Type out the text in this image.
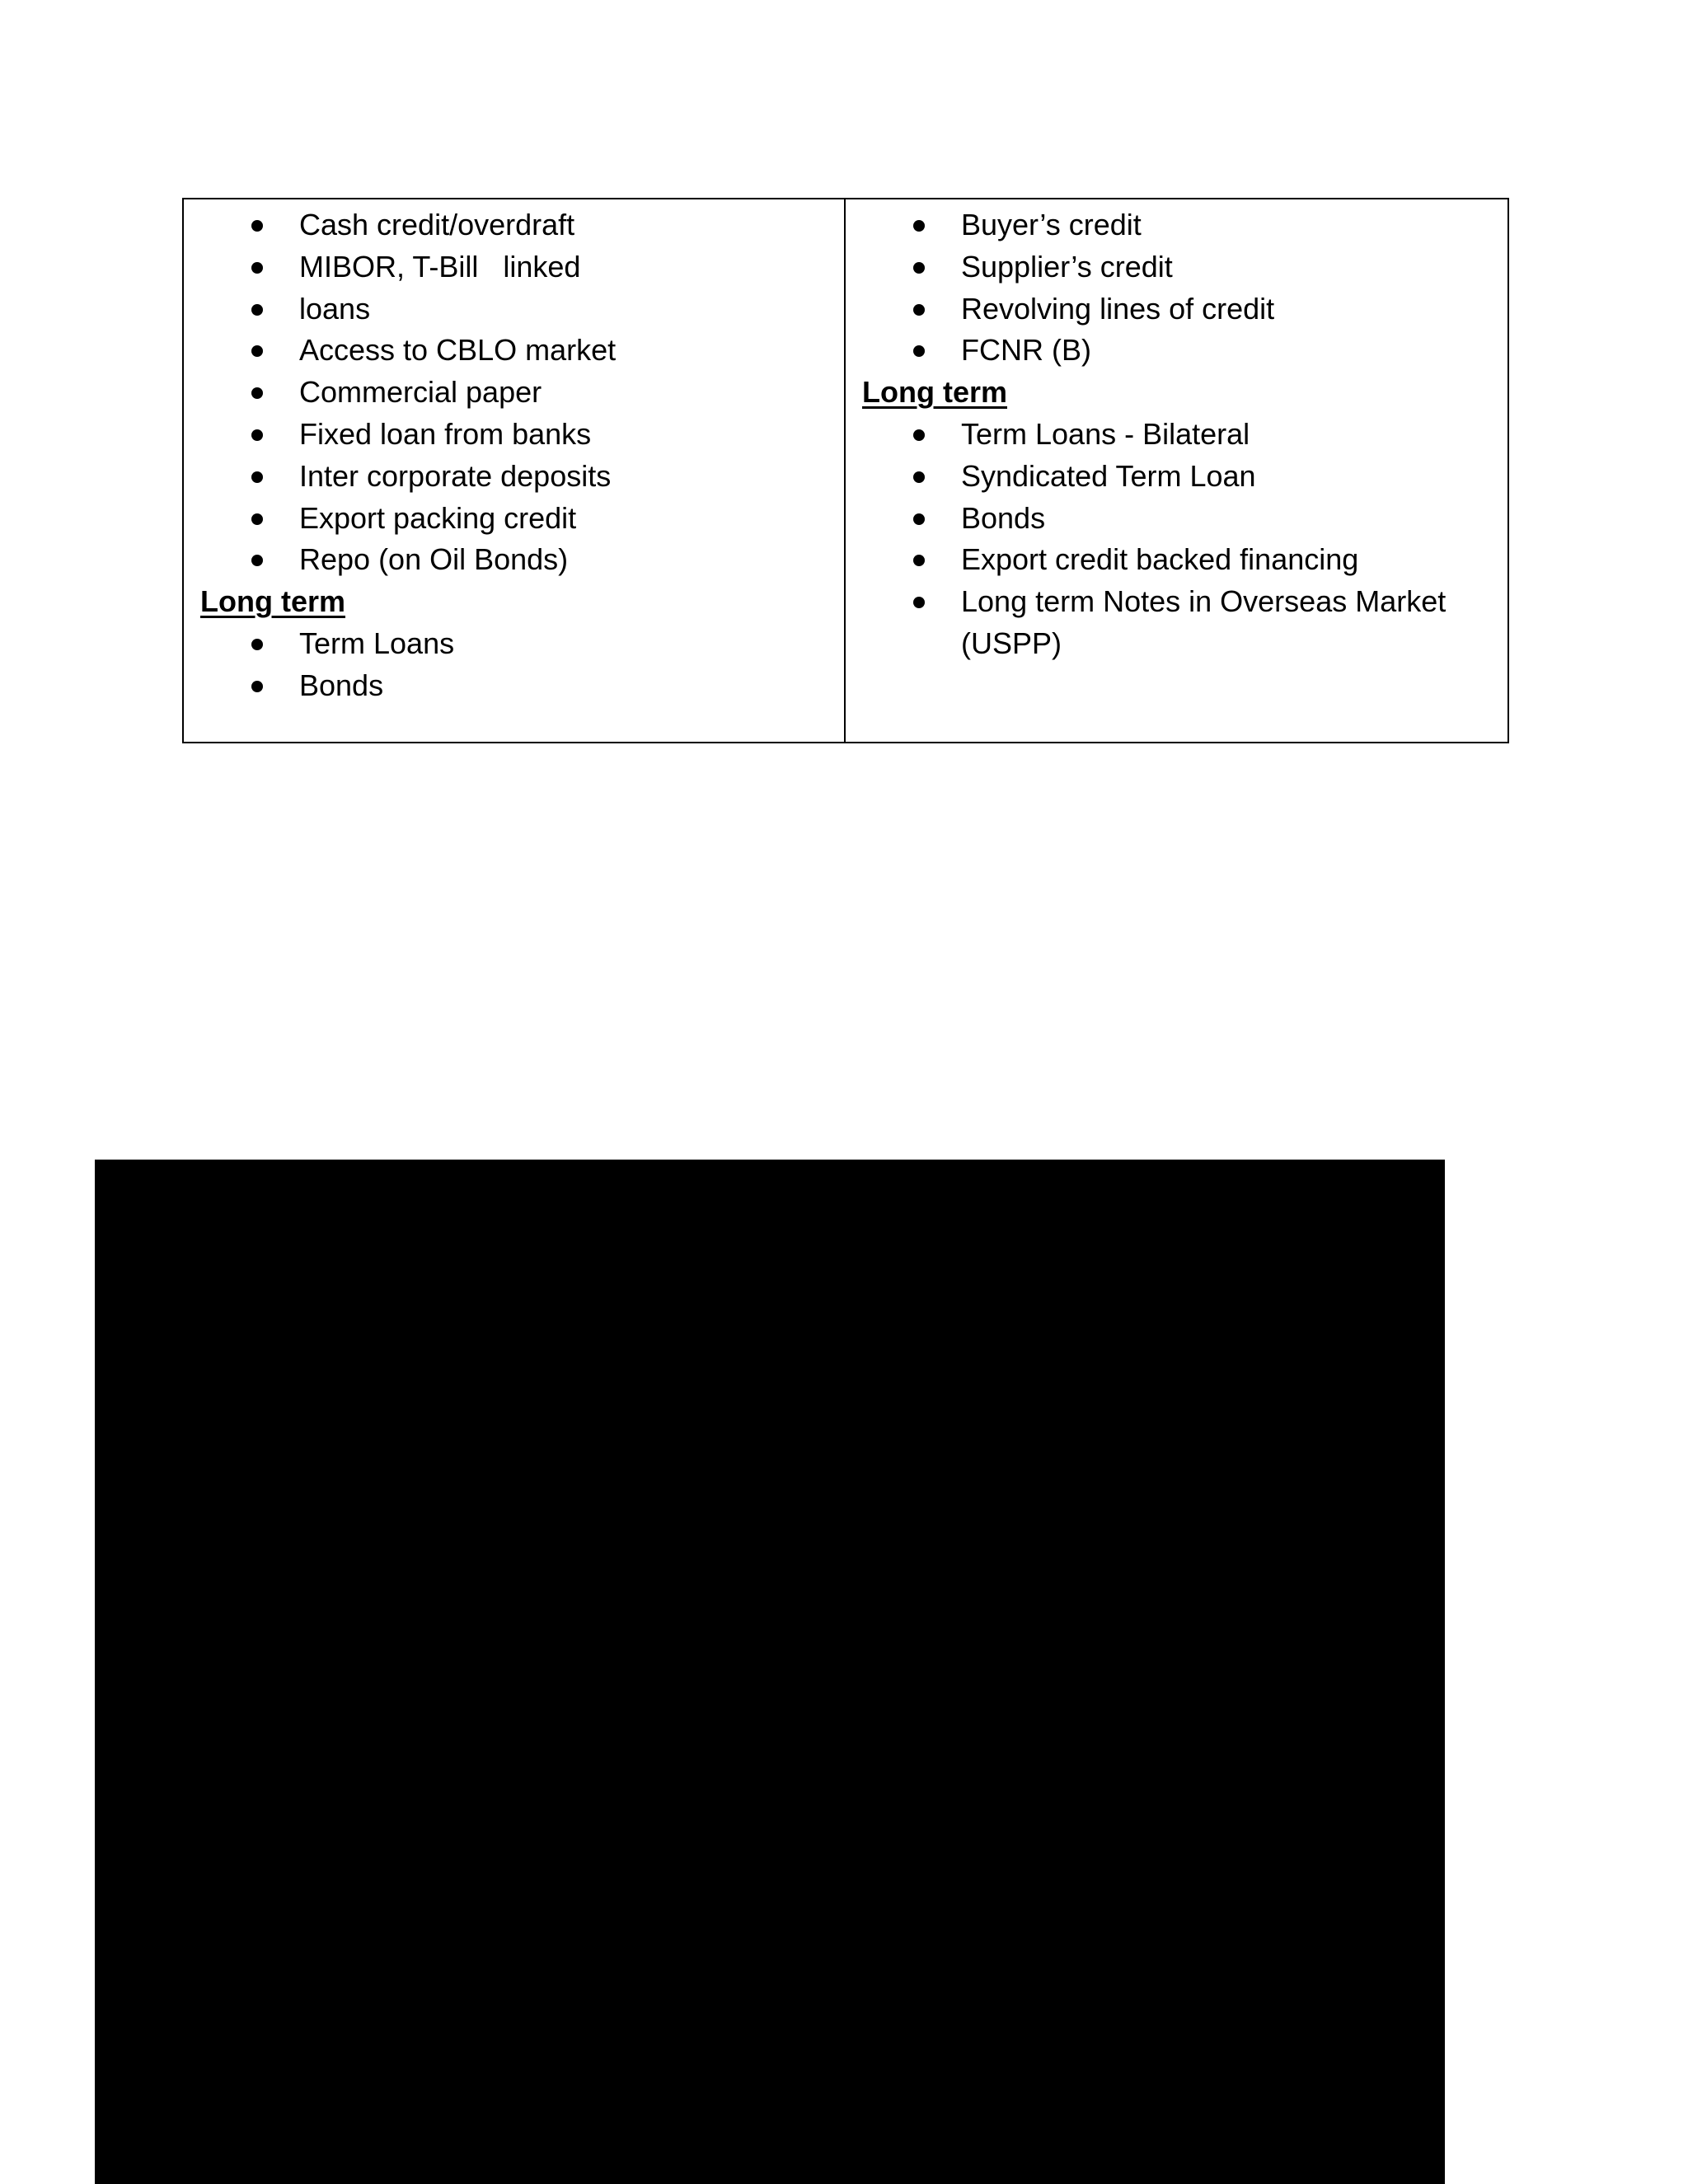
Cash credit/overdraft
MIBOR, T-Bill   linked
loans
Access to CBLO market
Commercial paper
Fixed loan from banks
Inter corporate deposits
Export packing credit
Repo (on Oil Bonds)
Long term
Term Loans
Bonds

Buyer’s credit
Supplier’s credit
Revolving lines of credit
FCNR (B)
Long term
Term Loans - Bilateral
Syndicated Term Loan
Bonds
Export credit backed financing
Long term Notes in Overseas Market (USPP)
